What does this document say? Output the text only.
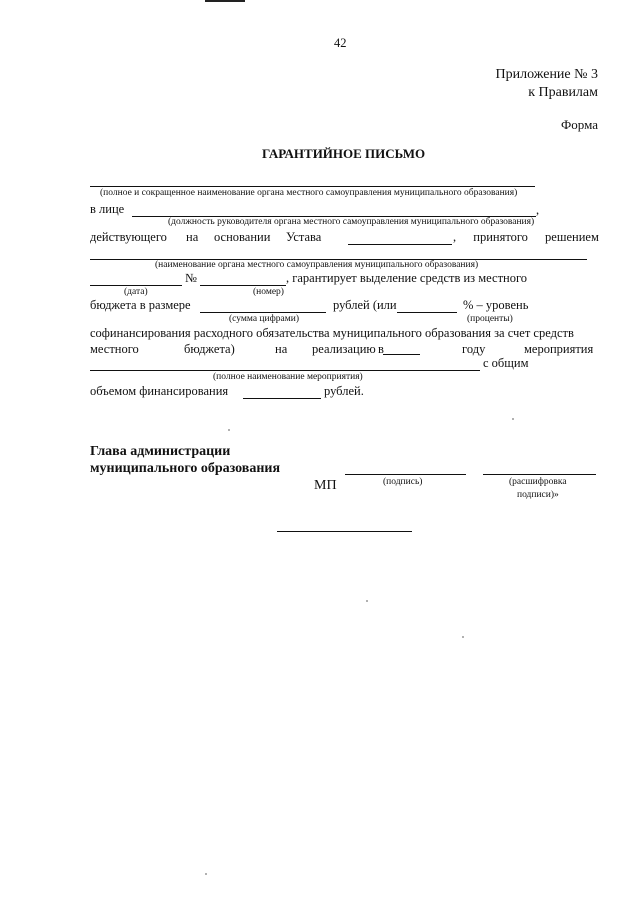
42
Приложение № 3
к Правилам
Форма
ГАРАНТИЙНОЕ ПИСЬМО
(полное и сокращенное наименование органа местного самоуправления муниципального образования)
в лице	,
(должность руководителя органа местного самоуправления муниципального образования)
действующего на основании Устава	, принятого решением
(наименование органа местного самоуправления муниципального образования)
№	, гарантирует выделение средств из местного
(дата)	(номер)
бюджета в размере	рублей (или	% – уровень
(сумма цифрами)	(проценты)
софинансирования расходного обязательства муниципального образования за счет средств
местного	бюджета)	на реализацию в	году	мероприятия
с общим
(полное наименование мероприятия)
объемом финансирования	рублей.
Глава администрации
муниципального образования
МП	(подпись)	(расшифровка
подписи)»
